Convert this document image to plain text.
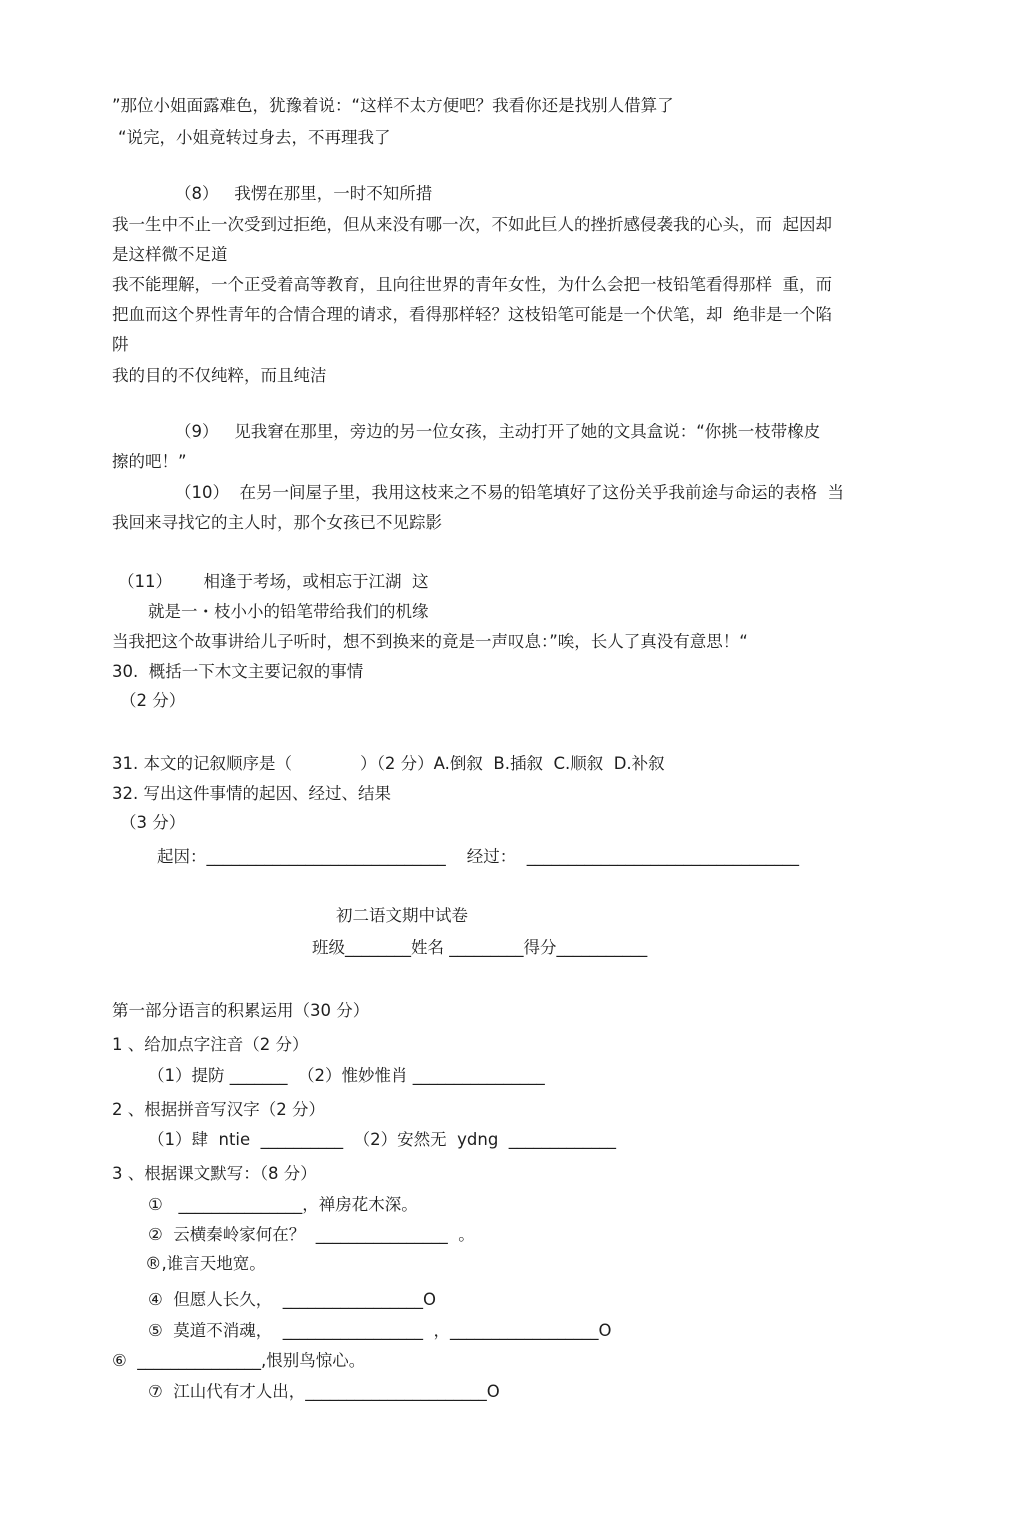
”那位小姐面露难色，犹豫着说：“这样不太方便吧？我看你还是找别人借算了
“说完，小姐竟转过身去，不再理我了
（8）   我愣在那里，一时不知所措
我一生中不止一次受到过拒绝，但从来没有哪一次，不如此巨人的挫折感侵袭我的心头，而  起因却
是这样微不足道
我不能理解，一个正受着高等教育，且向往世界的青年女性，为什么会把一枝铅笔看得那样  重，而
把血而这个界性青年的合情合理的请求，看得那样轻？这枝铅笔可能是一个伏笔，却  绝非是一个陷
阱
我的目的不仅纯粹，而且纯洁
（9）   见我窘在那里，旁边的另一位女孩，主动打开了她的文具盒说：“你挑一枝带橡皮
擦的吧！”
（10）  在另一间屋子里，我用这枝来之不易的铅笔填好了这份关乎我前途与命运的表格  当
我回来寻找它的主人时，那个女孩已不见踪影
（11）      相逢于考场，或相忘于江湖  这
就是一・枝小小的铅笔带给我们的机缘
当我把这个故事讲给儿子听时，想不到换来的竟是一声叹息：”唉，长人了真没有意思！“
30.  概括一下木文主要记叙的事情
（2 分）
31. 本文的记叙顺序是（             ）（2 分）A.倒叙  B.插叙  C.顺叙  D.补叙
32. 写出这件事情的起因、经过、结果
（3 分）
起因：_____________________________    经过：  _________________________________
初二语文期中试卷
班级________姓名 _________得分___________
第一部分语言的积累运用（30 分）
1 、给加点字注音（2 分）
（1）提防 _______  （2）惟妙惟肖 ________________
2 、根据拼音写汉字（2 分）
（1）肆  ntie  __________  （2）安然无  ydng  _____________
3 、根据课文默写：（8 分）
①   _______________，禅房花木深。
②  云横秦岭家何在？  ________________  。
®,谁言天地宽。
④  但愿人长久，  _________________O
⑤  莫道不消魂，  _________________  ，__________________O
⑥  _______________,恨别鸟惊心。
⑦  江山代有才人出，______________________O
